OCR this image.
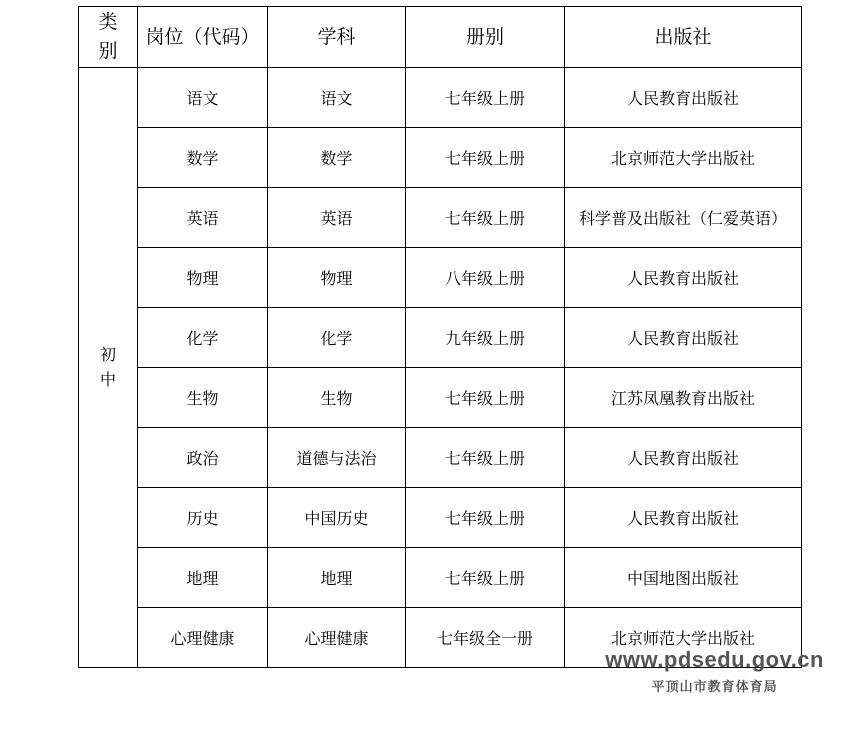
类别	岗位（代码）	学科	册别	出版社
初中	语文	语文	七年级上册	人民教育出版社
	数学	数学	七年级上册	北京师范大学出版社
	英语	英语	七年级上册	科学普及出版社（仁爱英语）
	物理	物理	八年级上册	人民教育出版社
	化学	化学	九年级上册	人民教育出版社
	生物	生物	七年级上册	江苏凤凰教育出版社
	政治	道德与法治	七年级上册	人民教育出版社
	历史	中国历史	七年级上册	人民教育出版社
	地理	地理	七年级上册	中国地图出版社
	心理健康	心理健康	七年级全一册	北京师范大学出版社
www.pdsedu.gov.cn
平顶山市教育体育局
